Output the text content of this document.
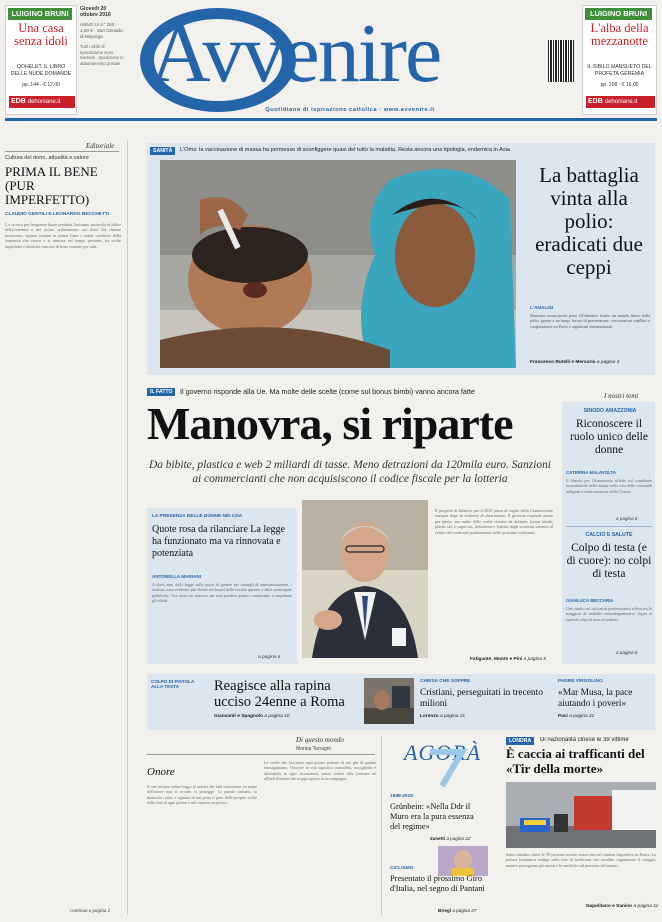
LUIGINO BRUNI
Una casa senza idoli
QOHELET, IL LIBRO DELLE NUDE DOMANDE
pp. 144 - € 12,00
EDB dehoniane.it
Giovedì 20 ottobre 2016
ANNO LII n° 250 · 1,50 € · San Geraldo di Mayorga
Tutti i diritti di riproduzione sono riservati · Spedizione in abbonamento postale Avvenire
Quotidiano di ispirazione cattolica · www.avvenire.it
LUIGINO BRUNI
L'alba della mezzanotte
IL SIBILO MANSUETO DEL PROFETA GEREMIA
pp. 208 - € 16,00
EDB dehoniane.it
Editoriale
Cultura del dono, attualità e valore
PRIMA IL BENE (PUR IMPERFETTO)
CLAUDIO GENTILI E LEONARDO BECCHETTI
L a ricerca per frequenze basse prodotta l'autunno, miracolo in bilico dell'economia e del nostro ordinamento: un dono che rimane necessario, eppure restano in prima linea i valori condivisi della comunità che cresce e si rinnova nel tempo presente, tra scelte imperfette e obiettivi concreti di bene comune per tutti.
continua a pagina 2
SANITÀ	L'Oms: la vaccinazione di massa ha permesso di sconfiggere quasi del tutto la malattia. Resta ancora una tipologia, endemica in Asia
La battaglia vinta alla polio: eradicati due ceppi
L'ANALISI
Mancano ormai pochi passi all'obiettivo finale: un mondo libero dalla polio, grazie a un lungo lavoro di prevenzione, vaccinazioni capillari e cooperazione tra Paesi e organismi internazionali.
Francesco Rutelli e Mercurio a pagina 3
IL FATTO	Il governo risponde alla Ue. Ma molte delle scelte (come sul bonus bimbi) vanno ancora fatte
Manovra, si riparte
Da bibite, plastica e web 2 miliardi di tasse. Meno detrazioni da 120mila euro. Sanzioni ai commercianti che non acquisiscono il codice fiscale per la lotteria
LA PRESENZA DELLE DONNE NEI CDA
Quote rosa da rilanciare La legge ha funzionato ma va rinnovata e potenziata
ANTONELLA MARIANI
A dieci anni dalla legge sulle quote di genere nei consigli di amministrazione, i risultati sono evidenti: più donne nei board delle società quotate e delle partecipate pubbliche. Ora serve un rinnovo per non perdere quanto conquistato e ampliarne gli effetti.
a pagina 6
Il progetto di bilancio per il 2020 passa al vaglio della Commissione europea dopo le richieste di chiarimento. Il governo risponde punto per punto, ma molte delle scelte restano da definire: bonus bimbi, plastic tax e sugar tax, detrazioni e lotteria degli scontrini saranno al centro del confronto parlamentare nelle prossime settimane.
Fatigante, Monte e Pini a pagina 5
I nostri temi
SINODO AMAZZONIA
Riconoscere il ruolo unico delle donne
CATERINA MALAVOLTA
Il Sinodo per l'Amazzonia riflette sul contributo insostituibile delle donne nella vita delle comunità indigene e nella missione della Chiesa.
a pagina 6
CALCIO E SALUTE
Colpo di testa (e di cuore): no colpi di testa
GIANLUCA BECCARIA
Uno studio sui calciatori professionisti rileva rischi maggiori di malattie neurodegenerative legati ai ripetuti colpi di testa al pallone.
a pagina 8
COLPO DI PISTOLA ALLA TESTA	Reagisce alla rapina ucciso 24enne a Roma
Giansanti e Spagnolo a pagina 10
CHIESA CHE SOFFRE
Cristiani, perseguitati in trecento milioni
Lorenzo a pagina 21
PADRE VIRGOLINO
«Mar Musa, la pace aiutando i poveri»
Paci a pagina 22
Di questo mondo
Marina Terragni
Onore
S ono tornata online leggo la notizia dei fatti terrorismo: in nome dell'onore non si uccide, si protegge. Le parole contano, la memoria conta, e ognuno di noi porta il peso delle proprie scelte nella vita di ogni giorno e nel rispetto reciproco.
Le scelte che facciamo ogni giorno parlano di noi più di quanto immaginiamo. Onorare la vita significa custodirla, accoglierla e difenderla in ogni circostanza, senza cedere alla violenza né all'indifferenza che troppo spesso la accompagna.
AGORÀ
1989-2019
Grünbein: «Nella Ddr il Muro era la pura essenza del regime»
Zanetti a pagina 22
CICLISMO
Presentato il prossimo Giro d'Italia, nel segno di Pantani
Briegl a pagina 27
LONDRA	Di nazionalità cinese le 39 vittime
È caccia ai trafficanti del «Tir della morte»
Sono cittadini cinesi le 39 persone trovate senza vita nel camion frigorifero in Essex. La polizia britannica indaga sulla rete di trafficanti che avrebbe organizzato il viaggio, mentre proseguono gli arresti e le verifiche sul percorso del mezzo.
Napolitano e Sanino a pagina 11
